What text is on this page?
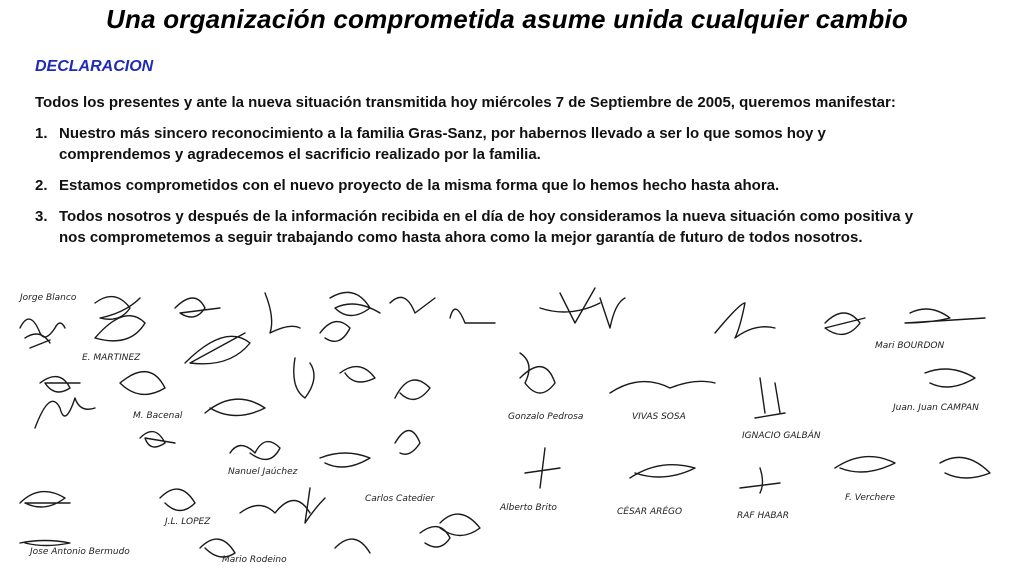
Una organización comprometida asume unida cualquier cambio
DECLARACION
Todos los presentes y ante la nueva situación transmitida hoy miércoles 7 de Septiembre de 2005, queremos manifestar:
1. Nuestro más sincero reconocimiento a la familia Gras-Sanz, por habernos llevado a ser lo que somos hoy y
comprendemos y agradecemos el sacrificio realizado por la familia.
2. Estamos comprometidos con el nuevo proyecto de la misma forma que lo hemos hecho hasta ahora.
3. Todos nosotros y después de la información recibida en el día de hoy consideramos la nueva situación como positiva y
nos comprometemos a seguir trabajando como hasta ahora como la mejor garantía de futuro de todos nosotros.
Jorge Blanco
E. MARTINEZ
Mari BOURDON
Juan. Juan CAMPAN
Gonzalo Pedrosa	VIVAS SOSA
IGNACIO GALBÁN
M. Bacenal
Nanuel Jaúchez
Carlos Catedier
Alberto Brito	CÉSAR ARÉGO	RAF HABAR
F. Verchere
J.L. LOPEZ
Jose Antonio Bermudo
Mario Rodeino
